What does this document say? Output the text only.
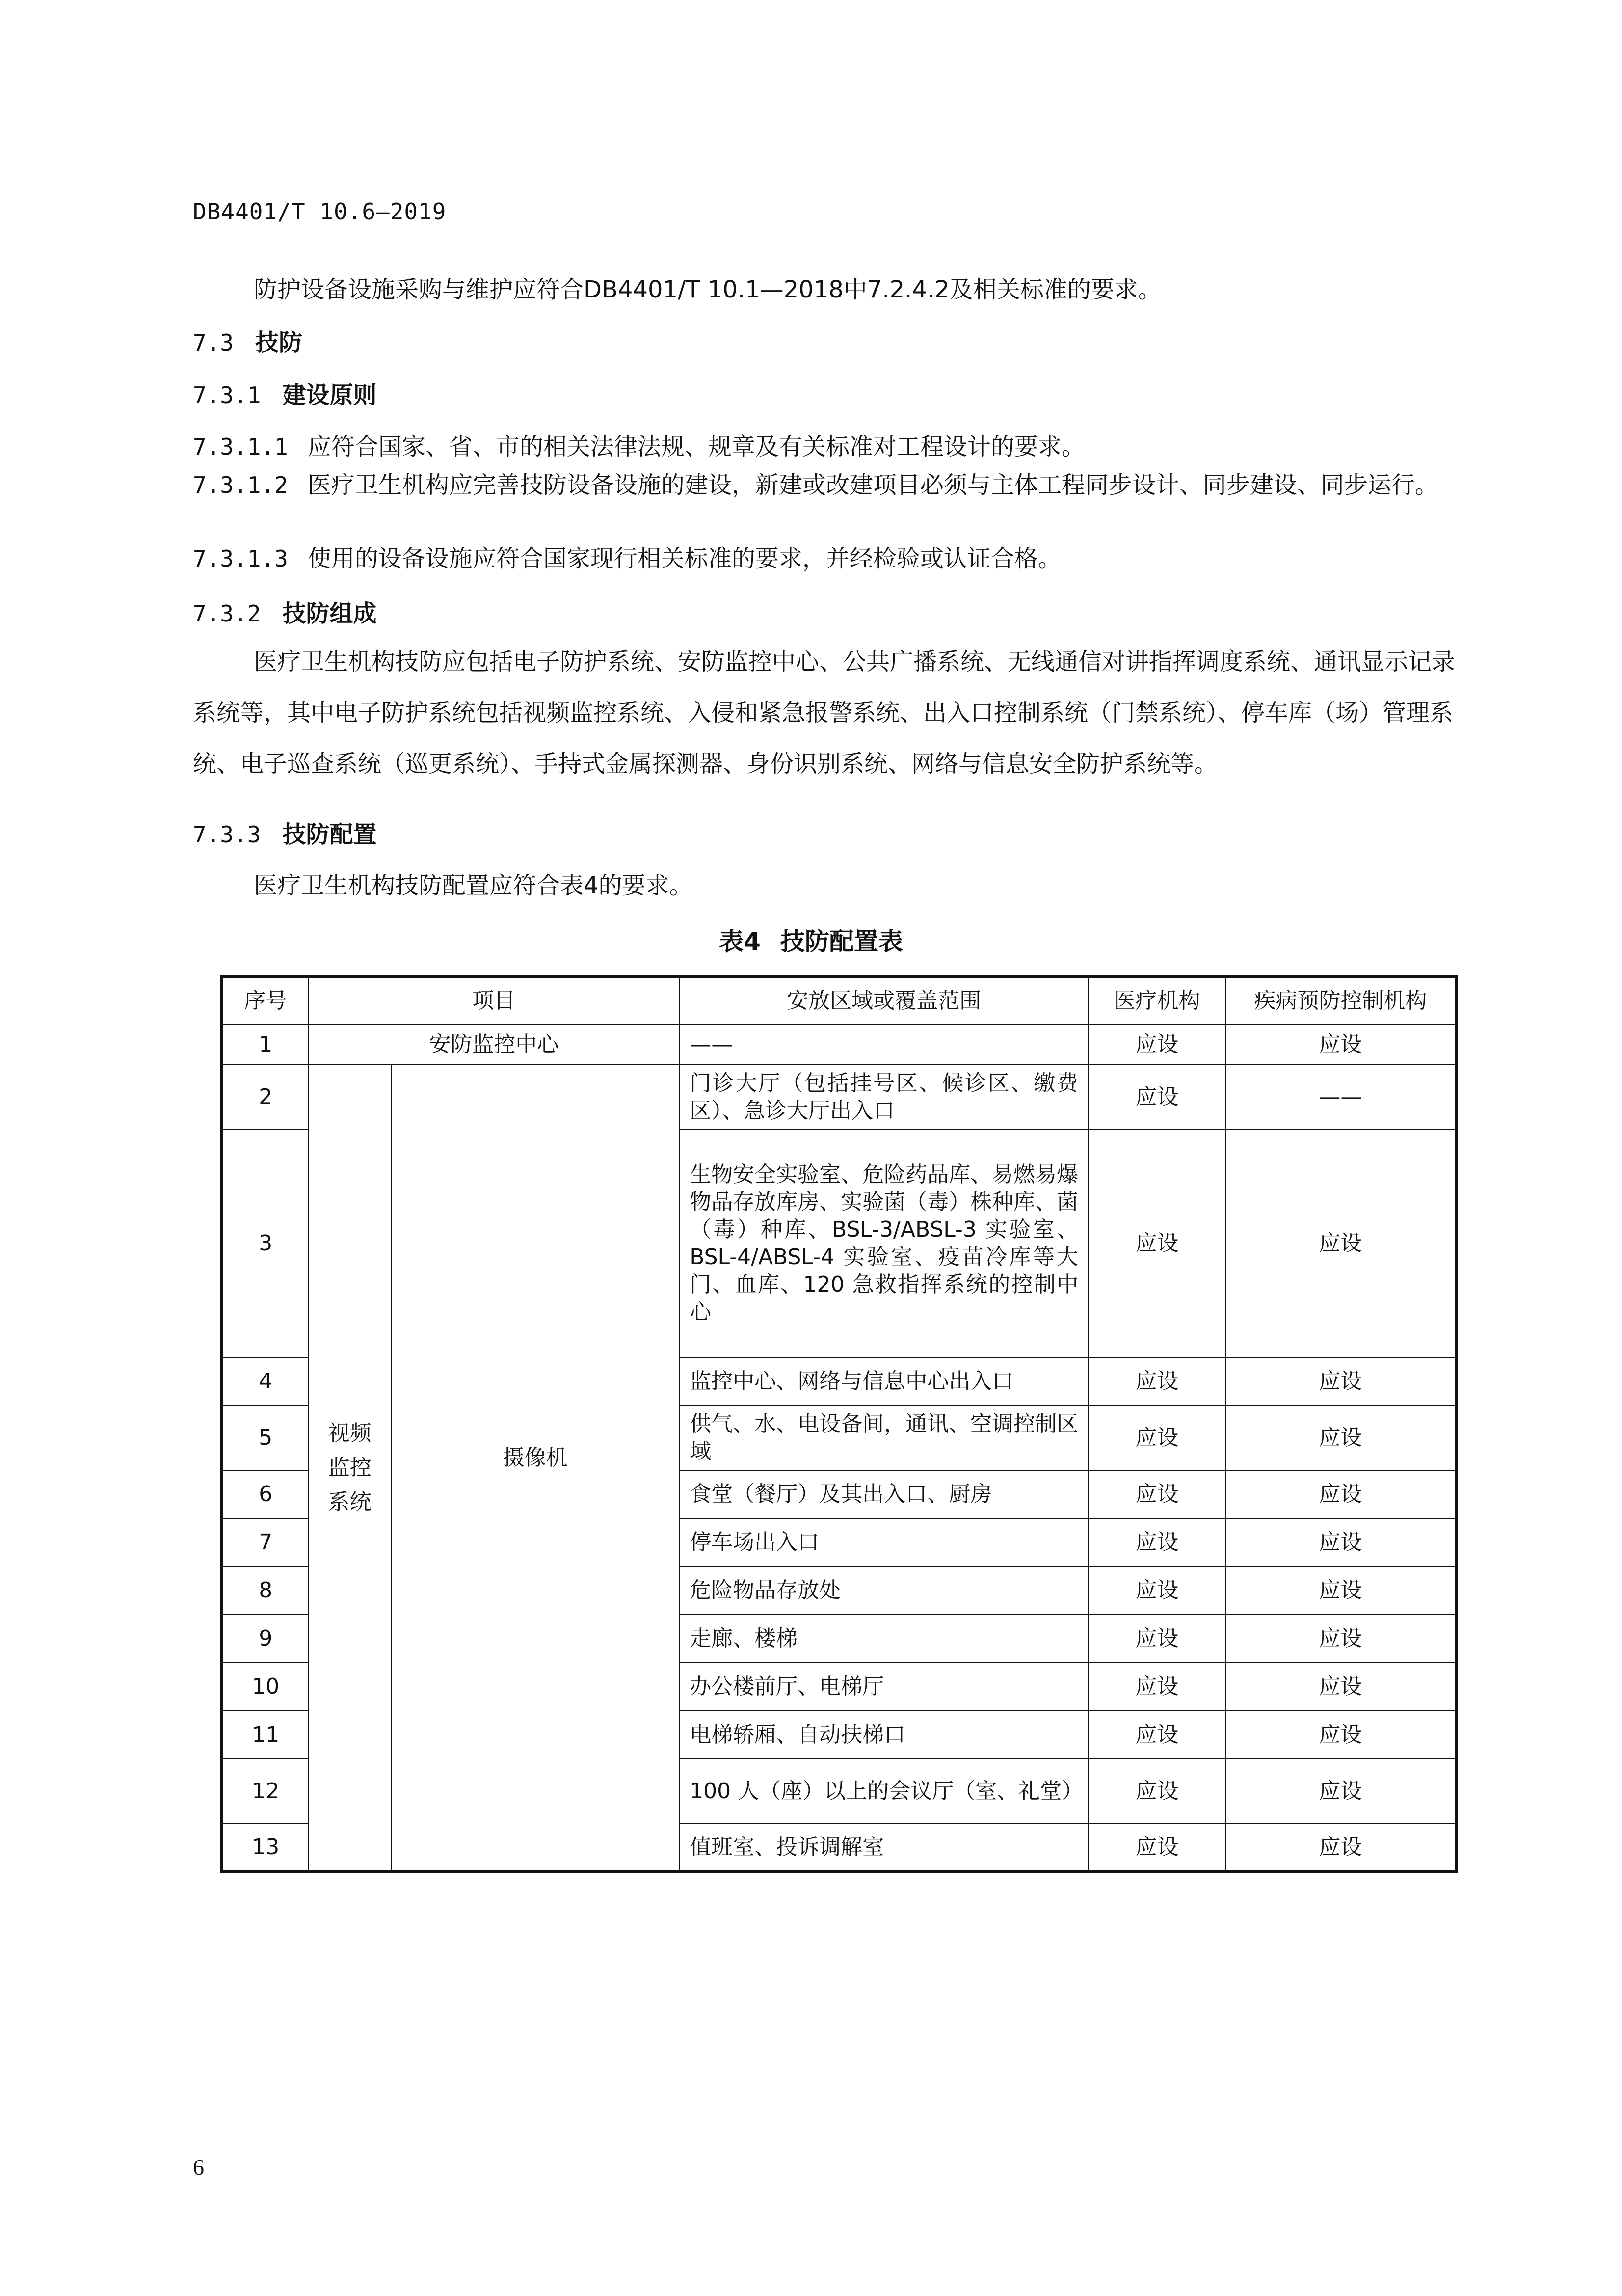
DB4401/T 10.6—2019
防护设备设施采购与维护应符合DB4401/T 10.1—2018中7.2.4.2及相关标准的要求。
7.3 技防
7.3.1 建设原则
7.3.1.1 应符合国家、省、市的相关法律法规、规章及有关标准对工程设计的要求。
7.3.1.2 医疗卫生机构应完善技防设备设施的建设，新建或改建项目必须与主体工程同步设计、同步建设、同步运行。
7.3.1.3 使用的设备设施应符合国家现行相关标准的要求，并经检验或认证合格。
7.3.2 技防组成
医疗卫生机构技防应包括电子防护系统、安防监控中心、公共广播系统、无线通信对讲指挥调度系统、通讯显示记录系统等，其中电子防护系统包括视频监控系统、入侵和紧急报警系统、出入口控制系统（门禁系统）、停车库（场）管理系统、电子巡查系统（巡更系统）、手持式金属探测器、身份识别系统、网络与信息安全防护系统等。
7.3.3 技防配置
医疗卫生机构技防配置应符合表4的要求。
表4 技防配置表
序号	项目		安放区域或覆盖范围	医疗机构	疾病预防控制机构
1	安防监控中心		——	应设	应设
2	视频
监控
系统	摄像机	门诊大厅（包括挂号区、候诊区、缴费区）、急诊大厅出入口	应设	——
3			生物安全实验室、危险药品库、易燃易爆物品存放库房、实验菌（毒）株种库、菌（毒）种库、BSL-3/ABSL-3 实验室、BSL-4/ABSL-4 实验室、疫苗冷库等大门、血库、120 急救指挥系统的控制中心	应设	应设
4			监控中心、网络与信息中心出入口	应设	应设
5			供气、水、电设备间，通讯、空调控制区域	应设	应设
6			食堂（餐厅）及其出入口、厨房	应设	应设
7			停车场出入口	应设	应设
8			危险物品存放处	应设	应设
9			走廊、楼梯	应设	应设
10			办公楼前厅、电梯厅	应设	应设
11			电梯轿厢、自动扶梯口	应设	应设
12			100 人（座）以上的会议厅（室、礼堂）	应设	应设
13			值班室、投诉调解室	应设	应设
6
